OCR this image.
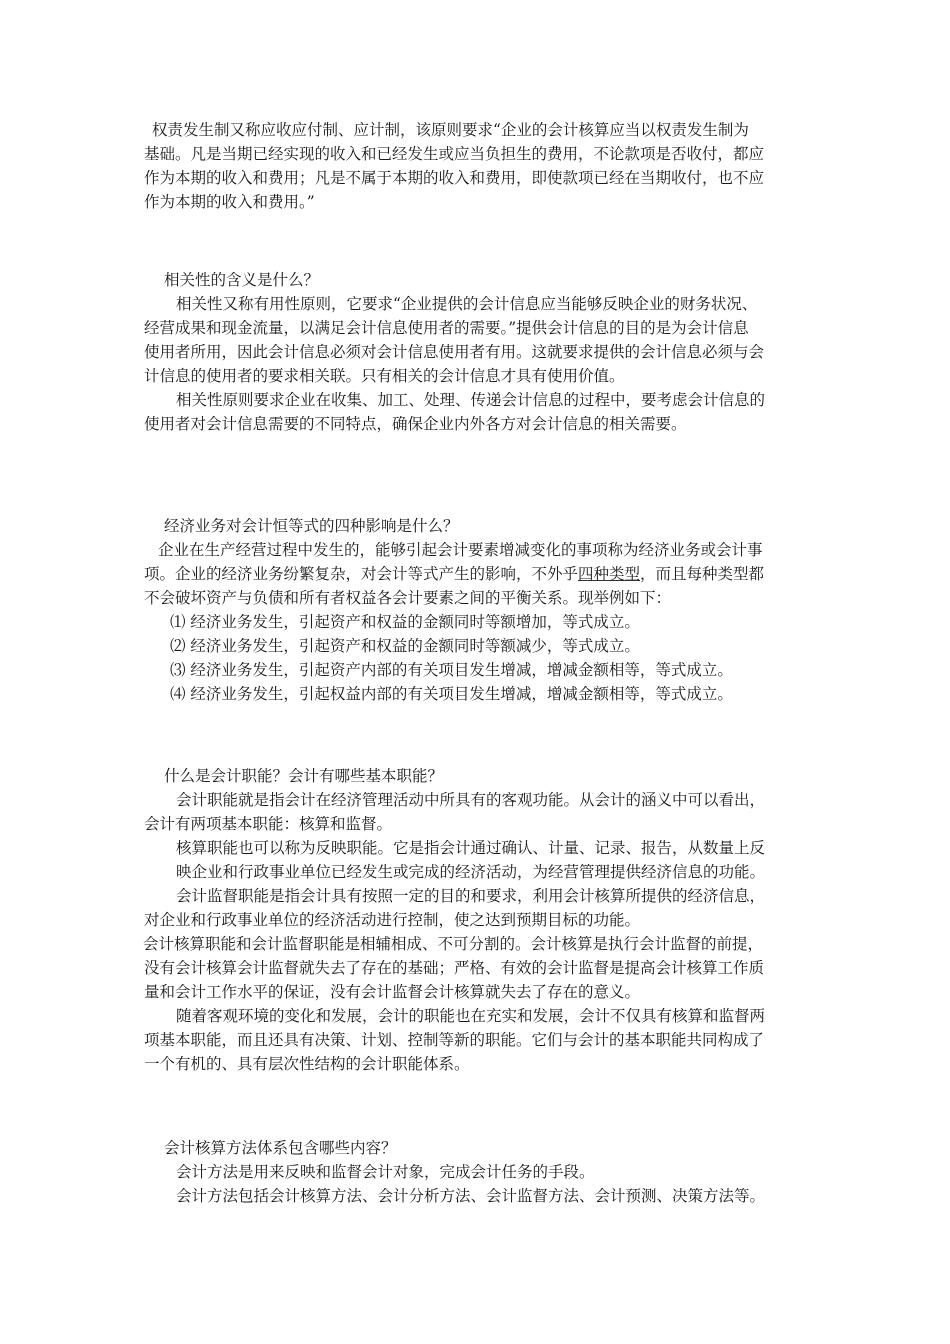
权责发生制又称应收应付制、应计制，该原则要求“企业的会计核算应当以权责发生制为
基础。凡是当期已经实现的收入和已经发生或应当负担生的费用，不论款项是否收付，都应
作为本期的收入和费用；凡是不属于本期的收入和费用，即使款项已经在当期收付，也不应
作为本期的收入和费用。”
相关性的含义是什么？
相关性又称有用性原则，它要求“企业提供的会计信息应当能够反映企业的财务状况、
经营成果和现金流量，以满足会计信息使用者的需要。”提供会计信息的目的是为会计信息
使用者所用，因此会计信息必须对会计信息使用者有用。这就要求提供的会计信息必须与会
计信息的使用者的要求相关联。只有相关的会计信息才具有使用价值。
相关性原则要求企业在收集、加工、处理、传递会计信息的过程中，要考虑会计信息的
使用者对会计信息需要的不同特点，确保企业内外各方对会计信息的相关需要。
经济业务对会计恒等式的四种影响是什么？
企业在生产经营过程中发生的，能够引起会计要素增减变化的事项称为经济业务或会计事
项。企业的经济业务纷繁复杂，对会计等式产生的影响，不外乎四种类型，而且每种类型都
不会破坏资产与负债和所有者权益各会计要素之间的平衡关系。现举例如下：
⑴ 经济业务发生，引起资产和权益的金额同时等额增加，等式成立。
⑵ 经济业务发生，引起资产和权益的金额同时等额减少，等式成立。
⑶ 经济业务发生，引起资产内部的有关项目发生增减，增减金额相等，等式成立。
⑷ 经济业务发生，引起权益内部的有关项目发生增减，增减金额相等，等式成立。
什么是会计职能？会计有哪些基本职能？
会计职能就是指会计在经济管理活动中所具有的客观功能。从会计的涵义中可以看出，
会计有两项基本职能：核算和监督。
核算职能也可以称为反映职能。它是指会计通过确认、计量、记录、报告，从数量上反
映企业和行政事业单位已经发生或完成的经济活动，为经营管理提供经济信息的功能。
会计监督职能是指会计具有按照一定的目的和要求，利用会计核算所提供的经济信息，
对企业和行政事业单位的经济活动进行控制，使之达到预期目标的功能。
会计核算职能和会计监督职能是相辅相成、不可分割的。会计核算是执行会计监督的前提，
没有会计核算会计监督就失去了存在的基础；严格、有效的会计监督是提高会计核算工作质
量和会计工作水平的保证，没有会计监督会计核算就失去了存在的意义。
随着客观环境的变化和发展，会计的职能也在充实和发展，会计不仅具有核算和监督两
项基本职能，而且还具有决策、计划、控制等新的职能。它们与会计的基本职能共同构成了
一个有机的、具有层次性结构的会计职能体系。
会计核算方法体系包含哪些内容？
会计方法是用来反映和监督会计对象，完成会计任务的手段。
会计方法包括会计核算方法、会计分析方法、会计监督方法、会计预测、决策方法等。
